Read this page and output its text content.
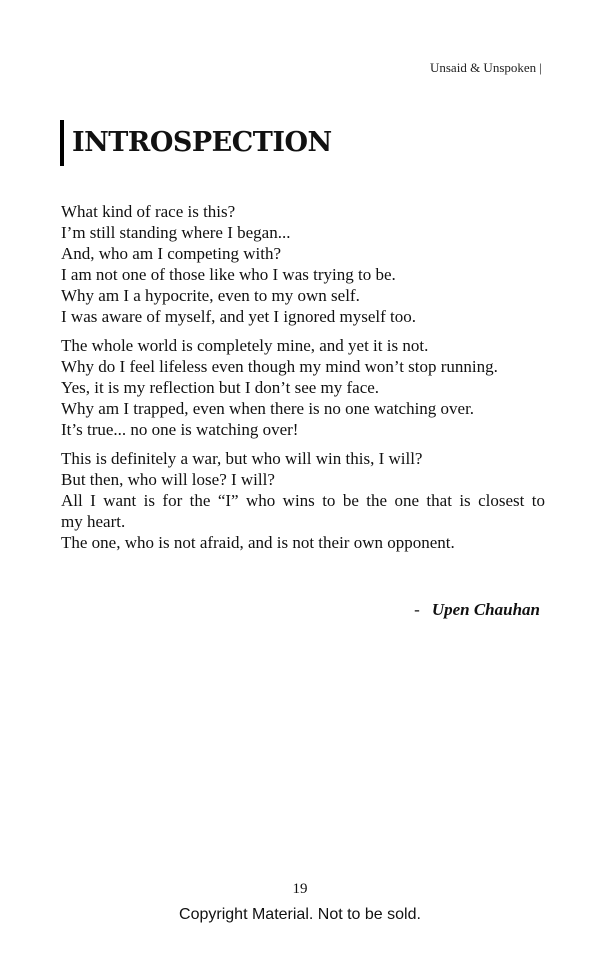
Unsaid & Unspoken |
INTROSPECTION
What kind of race is this?
I’m still standing where I began...
And, who am I competing with?
I am not one of those like who I was trying to be.
Why am I a hypocrite, even to my own self.
I was aware of myself, and yet I ignored myself too.
The whole world is completely mine, and yet it is not.
Why do I feel lifeless even though my mind won’t stop running.
Yes, it is my reflection but I don’t see my face.
Why am I trapped, even when there is no one watching over.
It’s true... no one is watching over!
This is definitely a war, but who will win this, I will?
But then, who will lose? I will?
All I want is for the “I” who wins to be the one that is closest to
my heart.
The one, who is not afraid, and is not their own opponent.
- Upen Chauhan
19
Copyright Material. Not to be sold.
